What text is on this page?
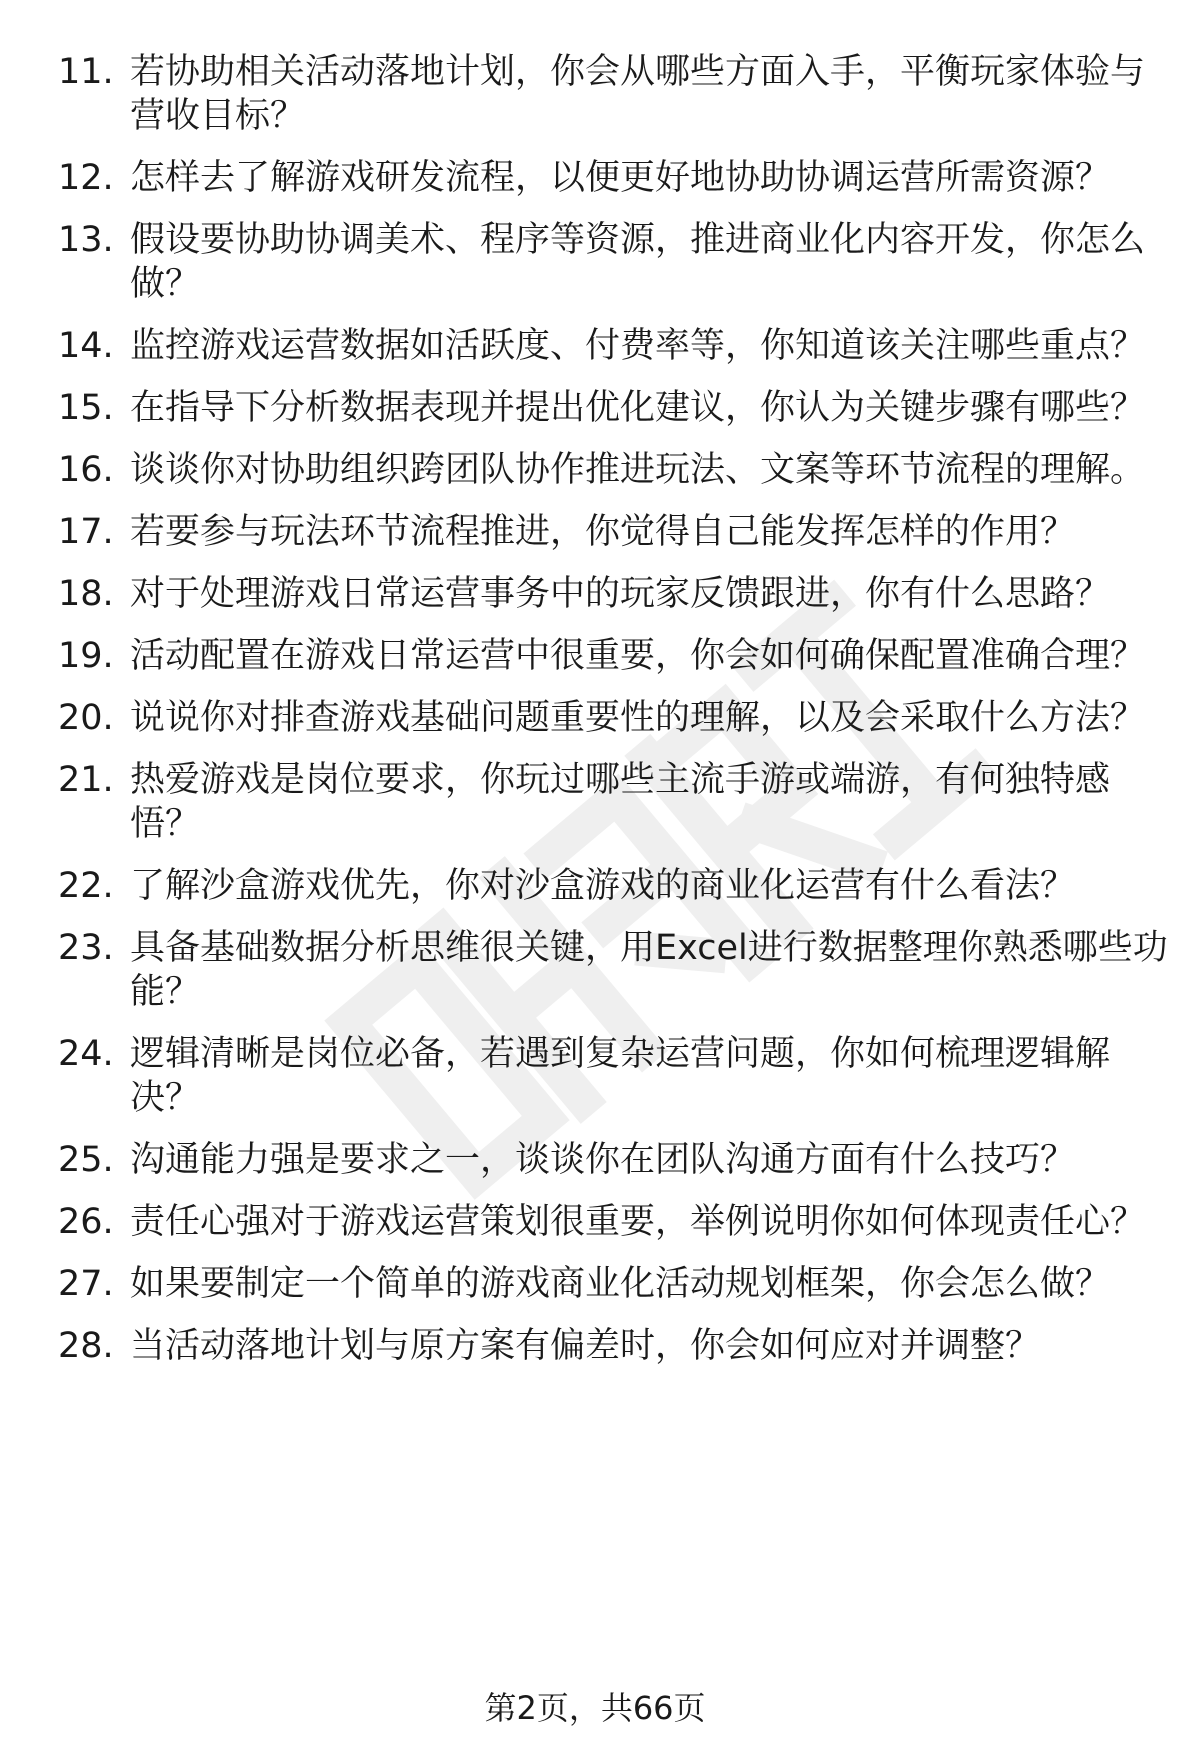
11. 若协助相关活动落地计划，你会从哪些方面入手，平衡玩家体验与营收目标？
12. 怎样去了解游戏研发流程，以便更好地协助协调运营所需资源？
13. 假设要协助协调美术、程序等资源，推进商业化内容开发，你怎么做？
14. 监控游戏运营数据如活跃度、付费率等，你知道该关注哪些重点？
15. 在指导下分析数据表现并提出优化建议，你认为关键步骤有哪些？
16. 谈谈你对协助组织跨团队协作推进玩法、文案等环节流程的理解。
17. 若要参与玩法环节流程推进，你觉得自己能发挥怎样的作用？
18. 对于处理游戏日常运营事务中的玩家反馈跟进，你有什么思路？
19. 活动配置在游戏日常运营中很重要，你会如何确保配置准确合理？
20. 说说你对排查游戏基础问题重要性的理解，以及会采取什么方法？
21. 热爱游戏是岗位要求，你玩过哪些主流手游或端游，有何独特感悟？
22. 了解沙盒游戏优先，你对沙盒游戏的商业化运营有什么看法？
23. 具备基础数据分析思维很关键，用Excel进行数据整理你熟悉哪些功能？
24. 逻辑清晰是岗位必备，若遇到复杂运营问题，你如何梳理逻辑解决？
25. 沟通能力强是要求之一，谈谈你在团队沟通方面有什么技巧？
26. 责任心强对于游戏运营策划很重要，举例说明你如何体现责任心？
27. 如果要制定一个简单的游戏商业化活动规划框架，你会怎么做？
28. 当活动落地计划与原方案有偏差时，你会如何应对并调整？
第2页，共66页
